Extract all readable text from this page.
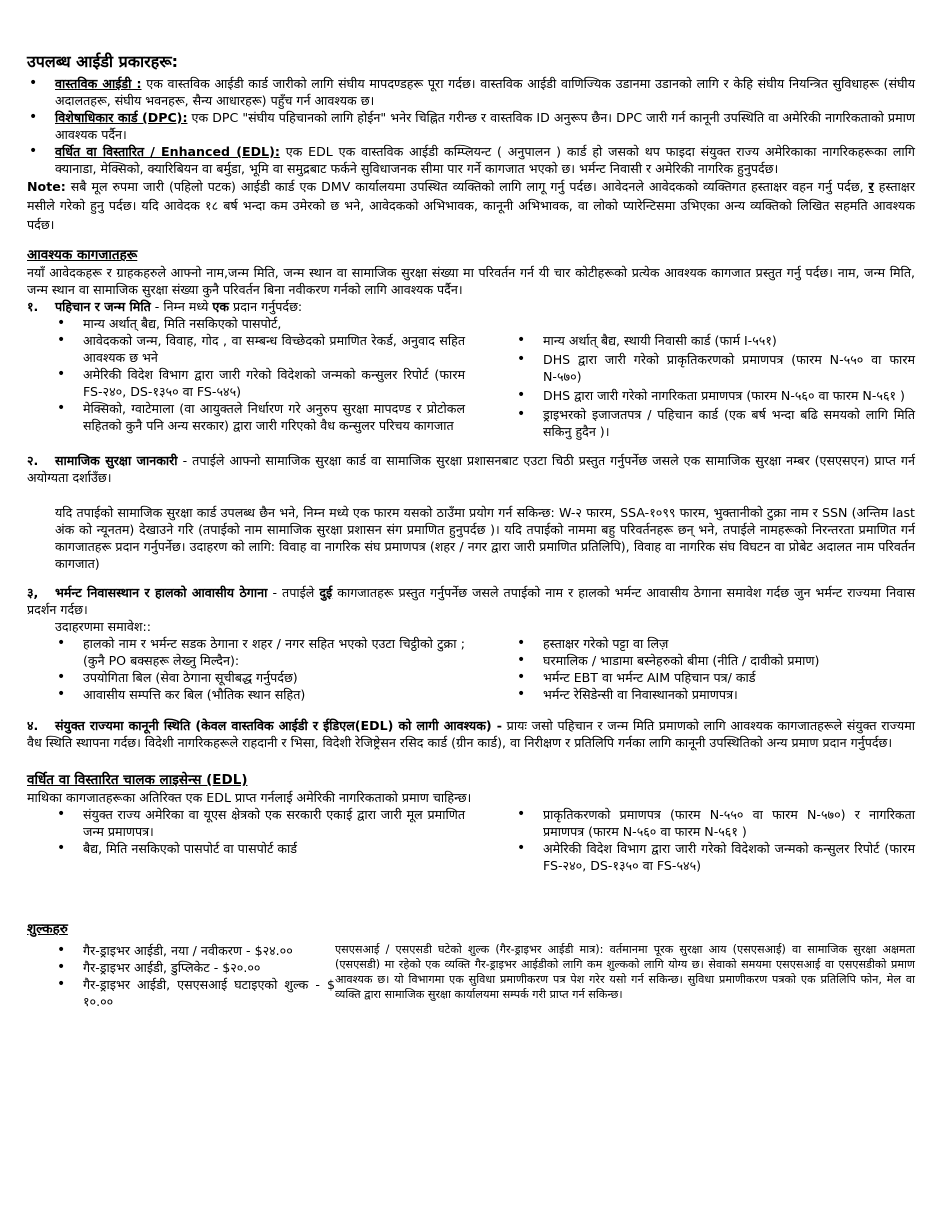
उपलब्ध आईडी प्रकारहरू:
• वास्तविक आईडी : एक वास्तविक आईडी कार्ड जारीको लागि संघीय मापदण्डहरू पूरा गर्दछ। वास्तविक आईडी वाणिज्यिक उडानमा उडानको लागि र केहि संघीय नियन्त्रित सुविधाहरू (संघीय अदालतहरू, संघीय भवनहरू, सैन्य आधारहरू) पहुँच गर्न आवश्यक छ।
• विशेषाधिकार कार्ड (DPC): एक DPC "संघीय पहिचानको लागि होईन" भनेर चिह्नित गरीन्छ र वास्तविक ID अनुरूप छैन। DPC जारी गर्न कानूनी उपस्थिति वा अमेरिकी नागरिकताको प्रमाण आवश्यक पर्दैन।
• वर्धित वा विस्तारित / Enhanced (EDL): एक EDL एक वास्तविक आईडी कम्प्लियन्ट ( अनुपालन ) कार्ड हो जसको थप फाइदा संयुक्त राज्य अमेरिकाका नागरिकहरूका लागि क्यानाडा, मेक्सिको, क्यारिबियन वा बर्मुडा, भूमि वा समुद्रबाट फर्कने सुविधाजनक सीमा पार गर्ने कागजात भएको छ। भर्मन्ट निवासी र अमेरिकी नागरिक हुनुपर्दछ।

Note: सबै मूल रुपमा जारी (पहिलो पटक) आईडी कार्ड एक DMV कार्यालयमा उपस्थित व्यक्तिको लागि लागू गर्नु पर्दछ। आवेदनले आवेदकको व्यक्तिगत हस्ताक्षर वहन गर्नु पर्दछ, र हस्ताक्षर मसीले गरेको हुनु पर्दछ। यदि आवेदक १८ बर्ष भन्दा कम उमेरको छ भने, आवेदकको अभिभावक, कानूनी अभिभावक, वा लोको प्यारेन्टिसमा उभिएका अन्य व्यक्तिको लिखित सहमति आवश्यक पर्दछ।

आवश्यक कागजातहरू

नयाँ आवेदकहरू र ग्राहकहरुले आफ्नो नाम,जन्म मिति, जन्म स्थान वा सामाजिक सुरक्षा संख्या मा परिवर्तन गर्न यी चार कोटीहरूको प्रत्येक आवश्यक कागजात प्रस्तुत गर्नु पर्दछ। नाम, जन्म मिति, जन्म स्थान वा सामाजिक सुरक्षा संख्या कुनै परिवर्तन बिना नवीकरण गर्नको लागि आवश्यक पर्दैन।

१. पहिचान र जन्म मिति - निम्न मध्ये एक प्रदान गर्नुपर्दछ:
• मान्य अर्थात् बैद्य, मिति नसकिएको पासपोर्ट,
• आवेदकको जन्म, विवाह, गोद , वा सम्बन्ध विच्छेदको प्रमाणित रेकर्ड, अनुवाद सहित आवश्यक छ भने
• अमेरिकी विदेश विभाग द्वारा जारी गरेको विदेशको जन्मको कन्सुलर रिपोर्ट (फारम FS-२४०, DS-१३५० वा FS-५४५)
• मेक्सिको, ग्वाटेमाला (वा आयुक्तले निर्धारण गरे अनुरुप सुरक्षा मापदण्ड र प्रोटोकल सहितको कुनै पनि अन्य सरकार) द्वारा जारी गरिएको वैध कन्सुलर परिचय कागजात
• मान्य अर्थात् बैद्य, स्थायी निवासी कार्ड (फार्म I-५५१)
• DHS द्वारा जारी गरेको प्राकृतिकरणको प्रमाणपत्र (फारम N-५५० वा फारम N-५७०)
• DHS द्वारा जारी गरेको नागरिकता प्रमाणपत्र (फारम N-५६० वा फारम N-५६१ )
• ड्राइभरको इजाजतपत्र / पहिचान कार्ड (एक बर्ष भन्दा बढि समयको लागि मिति सकिनु हुदैन )।

२. सामाजिक सुरक्षा जानकारी - तपाईले आफ्नो सामाजिक सुरक्षा कार्ड वा सामाजिक सुरक्षा प्रशासनबाट एउटा चिठी प्रस्तुत गर्नुपर्नेछ जसले एक सामाजिक सुरक्षा नम्बर (एसएसएन) प्राप्त गर्न अयोग्यता दर्शाउँछ।

यदि तपाईको सामाजिक सुरक्षा कार्ड उपलब्ध छैन भने, निम्न मध्ये एक फारम यसको ठाउँमा प्रयोग गर्न सकिन्छ: W-२ फारम, SSA-१०९९ फारम, भुक्तानीको टुक्रा नाम र SSN (अन्तिम last अंक को न्यूनतम) देखाउने गरि (तपाईको नाम सामाजिक सुरक्षा प्रशासन संग प्रमाणित हुनुपर्दछ )। यदि तपाईको नाममा बहु परिवर्तनहरू छन् भने, तपाईले नामहरूको निरन्तरता प्रमाणित गर्न कागजातहरू प्रदान गर्नुपर्नेछ। उदाहरण को लागि: विवाह वा नागरिक संघ प्रमाणपत्र (शहर / नगर द्वारा जारी प्रमाणित प्रतिलिपि), विवाह वा नागरिक संघ विघटन वा प्रोबेट अदालत नाम परिवर्तन कागजात)

३, भर्मन्ट निवासस्थान र हालको आवासीय ठेगाना - तपाईले दुई कागजातहरू प्रस्तुत गर्नुपर्नेछ जसले तपाईको नाम र हालको भर्मन्ट आवासीय ठेगाना समावेश गर्दछ जुन भर्मन्ट राज्यमा निवास प्रदर्शन गर्दछ।

उदाहरणमा समावेश::
• हालको नाम र भर्मन्ट सडक ठेगाना र शहर / नगर सहित भएको एउटा चिट्ठीको टुक्रा ; (कुनै PO बक्सहरू लेख्नु मिल्दैन):
• उपयोगिता बिल (सेवा ठेगाना सूचीबद्ध गर्नुपर्दछ)
• आवासीय सम्पत्ति कर बिल (भौतिक स्थान सहित)
• हस्ताक्षर गरेको पट्टा वा लिज़
• घरमालिक / भाडामा बस्नेहरुको बीमा (नीति / दावीको प्रमाण)
• भर्मन्ट EBT वा भर्मन्ट AIM पहिचान पत्र/ कार्ड
• भर्मन्ट रेसिडेन्सी वा निवास्थानको प्रमाणपत्र।

४. संयुक्त राज्यमा कानूनी स्थिति (केवल वास्तविक आईडी र ईडिएल(EDL) को लागी आवश्यक) - प्रायः जसो पहिचान र जन्म मिति प्रमाणको लागि आवश्यक कागजातहरूले संयुक्त राज्यमा वैध स्थिति स्थापना गर्दछ। विदेशी नागरिकहरूले राहदानी र भिसा, विदेशी रेजिष्ट्रेसन रसिद कार्ड (ग्रीन कार्ड), वा निरीक्षण र प्रतिलिपि गर्नका लागि कानूनी उपस्थितिको अन्य प्रमाण प्रदान गर्नुपर्दछ।

वर्धित वा विस्तारित चालक लाइसेन्स (EDL)

माथिका कागजातहरूका अतिरिक्त एक EDL प्राप्त गर्नलाई अमेरिकी नागरिकताको प्रमाण चाहिन्छ।

• संयुक्त राज्य अमेरिका वा यूएस क्षेत्रको एक सरकारी एकाई द्वारा जारी मूल प्रमाणित जन्म प्रमाणपत्र।
• बैद्य, मिति नसकिएको पासपोर्ट वा पासपोर्ट कार्ड
• प्राकृतिकरणको प्रमाणपत्र (फारम N-५५० वा फारम N-५७०) र नागरिकता प्रमाणपत्र (फारम N-५६० वा फारम N-५६१ )
• अमेरिकी विदेश विभाग द्वारा जारी गरेको विदेशको जन्मको कन्सुलर रिपोर्ट (फारम FS-२४०, DS-१३५० वा FS-५४५)
शुल्कहरु
• गैर-ड्राइभर आईडी, नया / नवीकरण - $२४.००
• गैर-ड्राइभर आईडी, डुप्लिकेट - $२०.००
• गैर-ड्राइभर आईडी, एसएसआई घटाइएको शुल्क - $ १०.००

एसएसआई / एसएसडी घटेको शुल्क (गैर-ड्राइभर आईडी मात्र): वर्तमानमा पूरक सुरक्षा आय (एसएसआई) वा सामाजिक सुरक्षा अक्षमता (एसएसडी) मा रहेको एक व्यक्ति गैर-ड्राइभर आईडीको लागि कम शुल्कको लागि योग्य छ। सेवाको समयमा एसएसआई वा एसएसडीको प्रमाण आवश्यक छ। यो विभागमा एक सुविधा प्रमाणीकरण पत्र पेश गरेर यसो गर्न सकिन्छ। सुविधा प्रमाणीकरण पत्रको एक प्रतिलिपि फोन, मेल वा व्यक्ति द्वारा सामाजिक सुरक्षा कार्यालयमा सम्पर्क गरी प्राप्त गर्न सकिन्छ।
